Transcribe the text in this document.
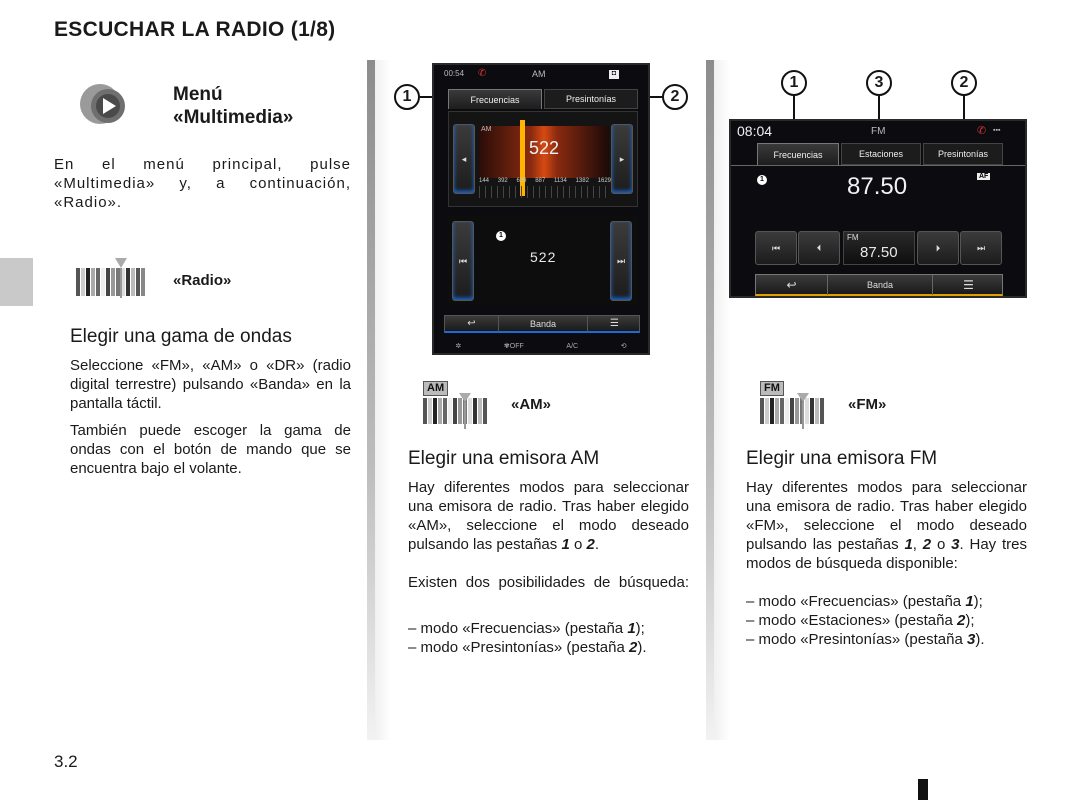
ESCUCHAR LA RADIO (1/8)
3.2
Menú
«Multimedia»

En el menú principal, pulse «Multimedia» y, a continuación, «Radio».

«Radio»
Elegir una gama de ondas

Seleccione «FM», «AM» o «DR» (radio digital terrestre) pulsando «Banda» en la pantalla táctil.

También puede escoger la gama de ondas con el botón de mando que se encuentra bajo el volante.

1	2
00:54 ✆	AM	◘
Frecuencias	Presintonías
◂	▸
AM
522
144 392 639 887 1134 1382 1629
⏮	⏭
1
522
↩	Banda	☰
✲	✾OFF	A/C	⟲
1	3	2
08:04	FM	✆ ▪▪▪
Frecuencias	Estaciones	Presintonías
1	87.50	AF
⏮	⏴
FM
87.50	⏵	⏭
↩	Banda	☰
AM
«AM»
Elegir una emisora AM
Hay diferentes modos para seleccionar una emisora de radio. Tras haber elegido «AM», seleccione el modo deseado pulsando las pestañas 1 o 2.
Existen dos posibilidades de búsqueda:
– modo «Frecuencias» (pestaña 1);
– modo «Presintonías» (pestaña 2).
FM
«FM»
Elegir una emisora FM
Hay diferentes modos para seleccionar una emisora de radio. Tras haber elegido «FM», seleccione el modo deseado pulsando las pestañas 1, 2 o 3. Hay tres modos de búsqueda disponible:
– modo «Frecuencias» (pestaña 1);
– modo «Estaciones» (pestaña 2);
– modo «Presintonías» (pestaña 3).
